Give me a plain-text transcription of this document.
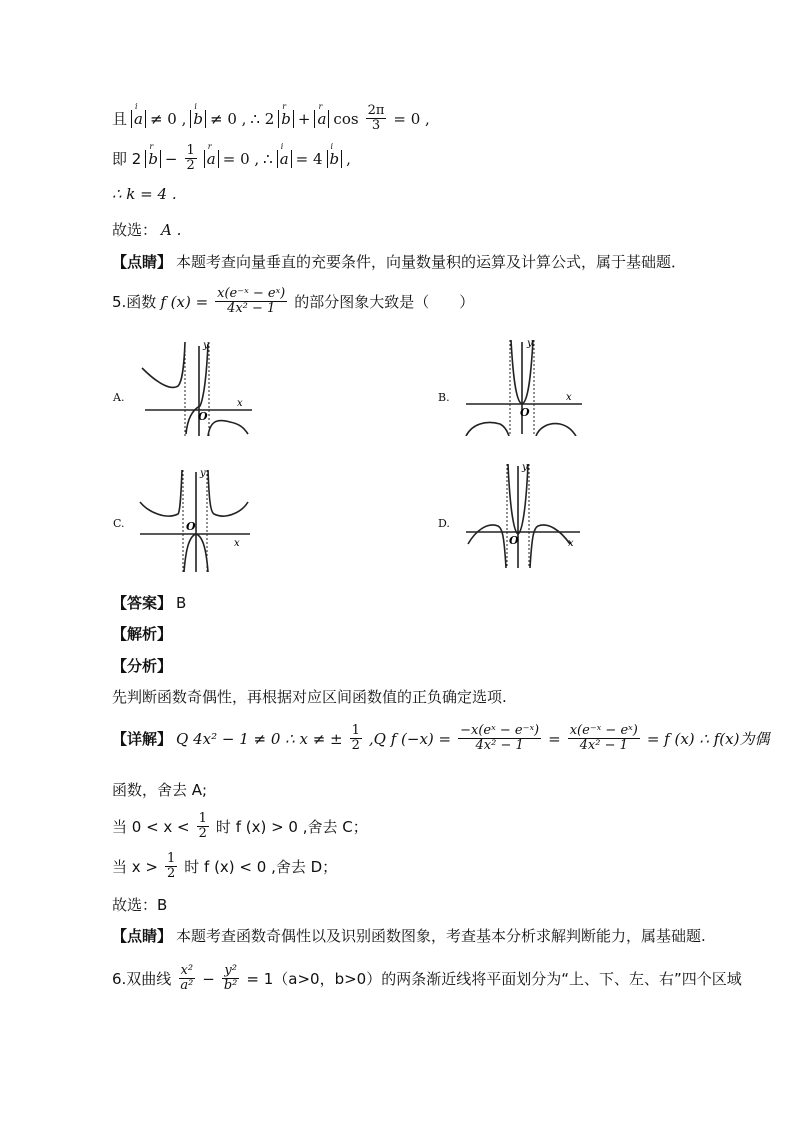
且
i
a ≠ 0 ,
i
b ≠ 0 , ∴ 2
r
b +
r
a $\cos \frac{2\pi}{3} = 0$ ,
即 2
r
$b - \frac{1}{2}$ r
a = 0 , ∴
i
a = 4
i
b ,
∴ k = 4 .
故选： A .
【点睛】 本题考查向量垂直的充要条件，向量数量积的运算及计算公式，属于基础题．
5.函数 f $(x) = \frac{\text{x(e⁻ˣ − eˣ)}}{\text{4x² − 1}}$ 的部分图象大致是（　　）
A.	B.
C.	D.
y
x
O
y
x
O
y
x
O
y
x
O
【答案】 B
【解析】
【分析】
先判断函数奇偶性，再根据对应区间函数值的正负确定选项.
【详解】 Q 4x² − 1 ≠ 0 ∴ x ≠ ± $\frac{1}{2} ,Q$ f $(-x) = \frac{\text{−x(eˣ − e⁻ˣ)}}{\text{4x² − 1}} = \frac{\text{x(e⁻ˣ − eˣ)}}{\text{4x² − 1}} = f$ (x) ∴ f(x)为偶
函数，舍去 A;
当 $0 < x < \frac{1}{2}$ 时 f (x) > 0 ,舍去 C；
当 $x > \frac{1}{2}$ 时 f (x) < 0 ,舍去 D；
故选：B
【点睛】 本题考查函数奇偶性以及识别函数图象，考查基本分析求解判断能力，属基础题.
6.双曲线 $\frac{\text{x²}}{\text{a²}} - \frac{\text{y²}}{\text{b²}} = 1(a>0$，b>0）的两条渐近线将平面划分为“上、下、左、右”四个区域
